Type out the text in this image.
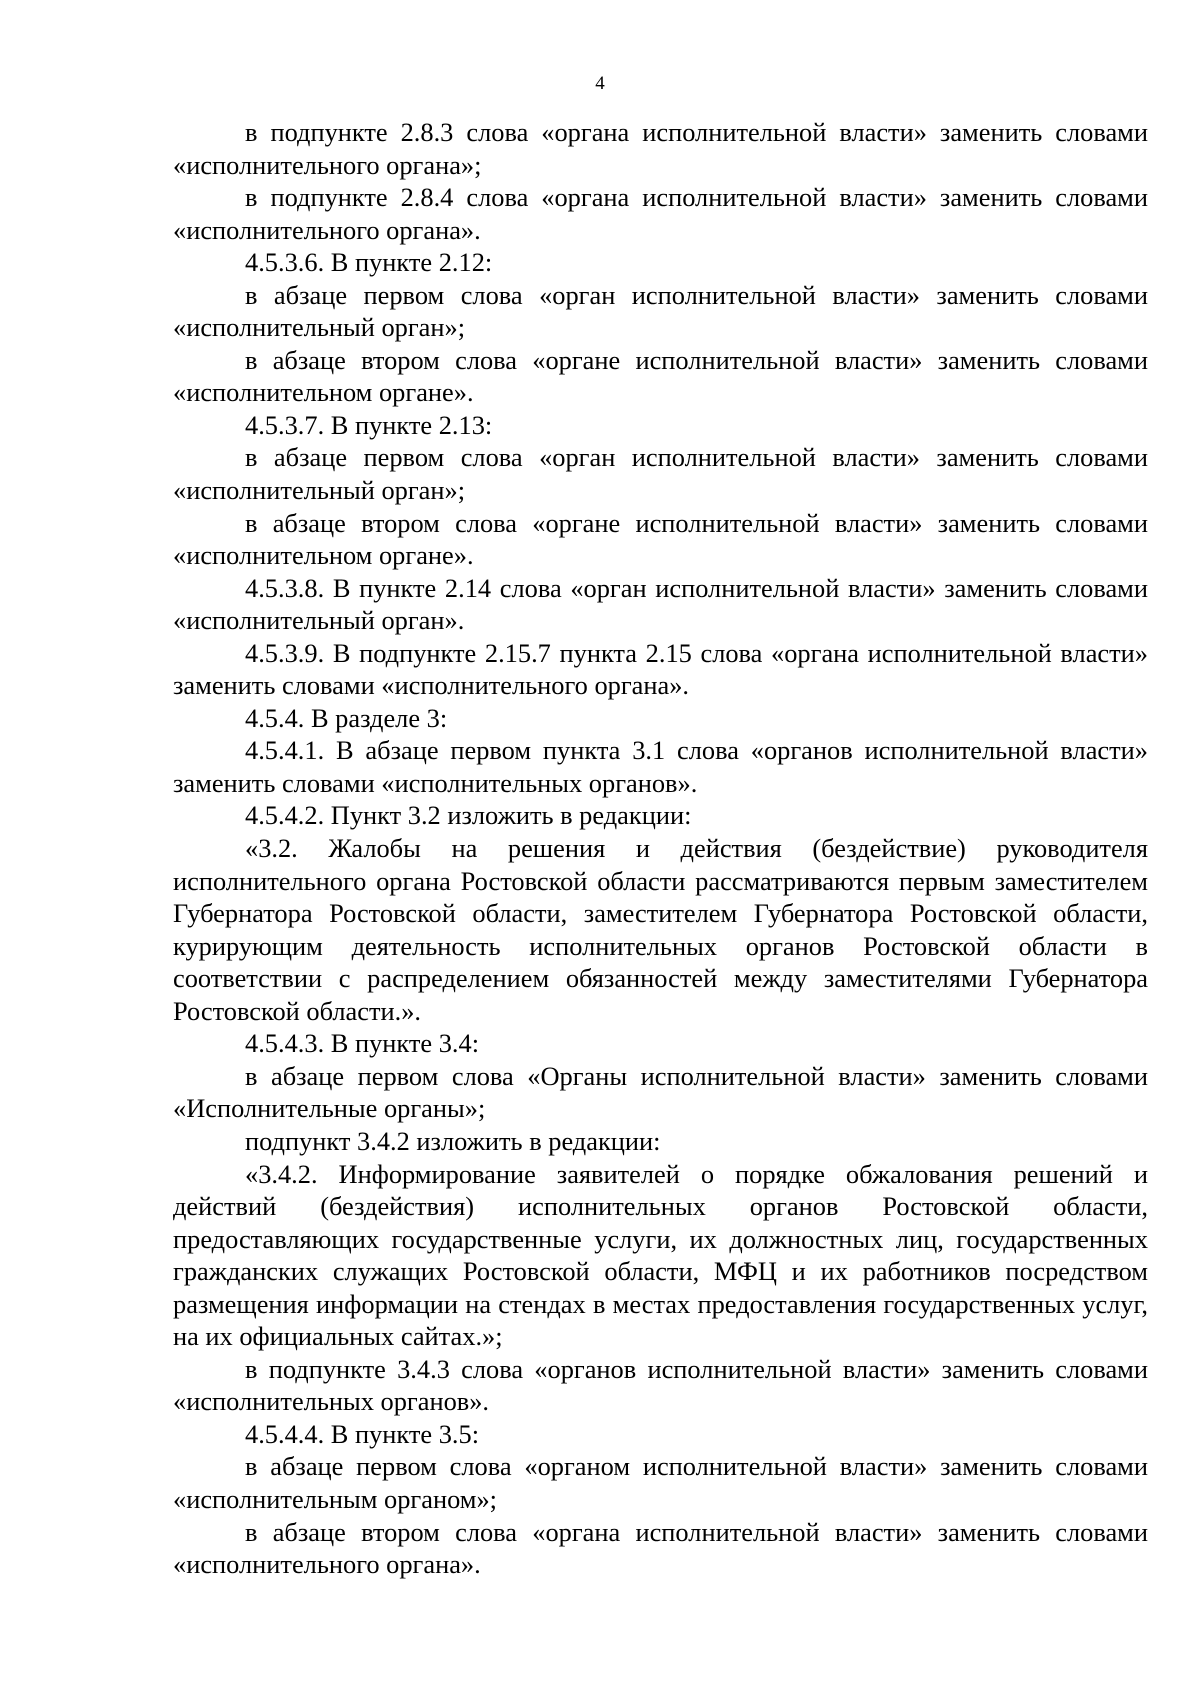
4

в подпункте 2.8.3 слова «органа исполнительной власти» заменить словами «исполнительного органа»;

в подпункте 2.8.4 слова «органа исполнительной власти» заменить словами «исполнительного органа».

4.5.3.6. В пункте 2.12:

в абзаце первом слова «орган исполнительной власти» заменить словами «исполнительный орган»;

в абзаце втором слова «органе исполнительной власти» заменить словами «исполнительном органе».

4.5.3.7. В пункте 2.13:

в абзаце первом слова «орган исполнительной власти» заменить словами «исполнительный орган»;

в абзаце втором слова «органе исполнительной власти» заменить словами «исполнительном органе».

4.5.3.8. В пункте 2.14 слова «орган исполнительной власти» заменить словами «исполнительный орган».

4.5.3.9. В подпункте 2.15.7 пункта 2.15 слова «органа исполнительной власти» заменить словами «исполнительного органа».

4.5.4. В разделе 3:

4.5.4.1. В абзаце первом пункта 3.1 слова «органов исполнительной власти» заменить словами «исполнительных органов».

4.5.4.2. Пункт 3.2 изложить в редакции:

«3.2. Жалобы на решения и действия (бездействие) руководителя исполнительного органа Ростовской области рассматриваются первым заместителем Губернатора Ростовской области, заместителем Губернатора Ростовской области, курирующим деятельность исполнительных органов Ростовской области в соответствии с распределением обязанностей между заместителями Губернатора Ростовской области.».

4.5.4.3. В пункте 3.4:

в абзаце первом слова «Органы исполнительной власти» заменить словами «Исполнительные органы»;

подпункт 3.4.2 изложить в редакции:

«3.4.2. Информирование заявителей о порядке обжалования решений и действий (бездействия) исполнительных органов Ростовской области, предоставляющих государственные услуги, их должностных лиц, государственных гражданских служащих Ростовской области, МФЦ и их работников посредством размещения информации на стендах в местах предоставления государственных услуг, на их официальных сайтах.»;

в подпункте 3.4.3 слова «органов исполнительной власти» заменить словами «исполнительных органов».

4.5.4.4. В пункте 3.5:

в абзаце первом слова «органом исполнительной власти» заменить словами «исполнительным органом»;

в абзаце втором слова «органа исполнительной власти» заменить словами «исполнительного органа».
